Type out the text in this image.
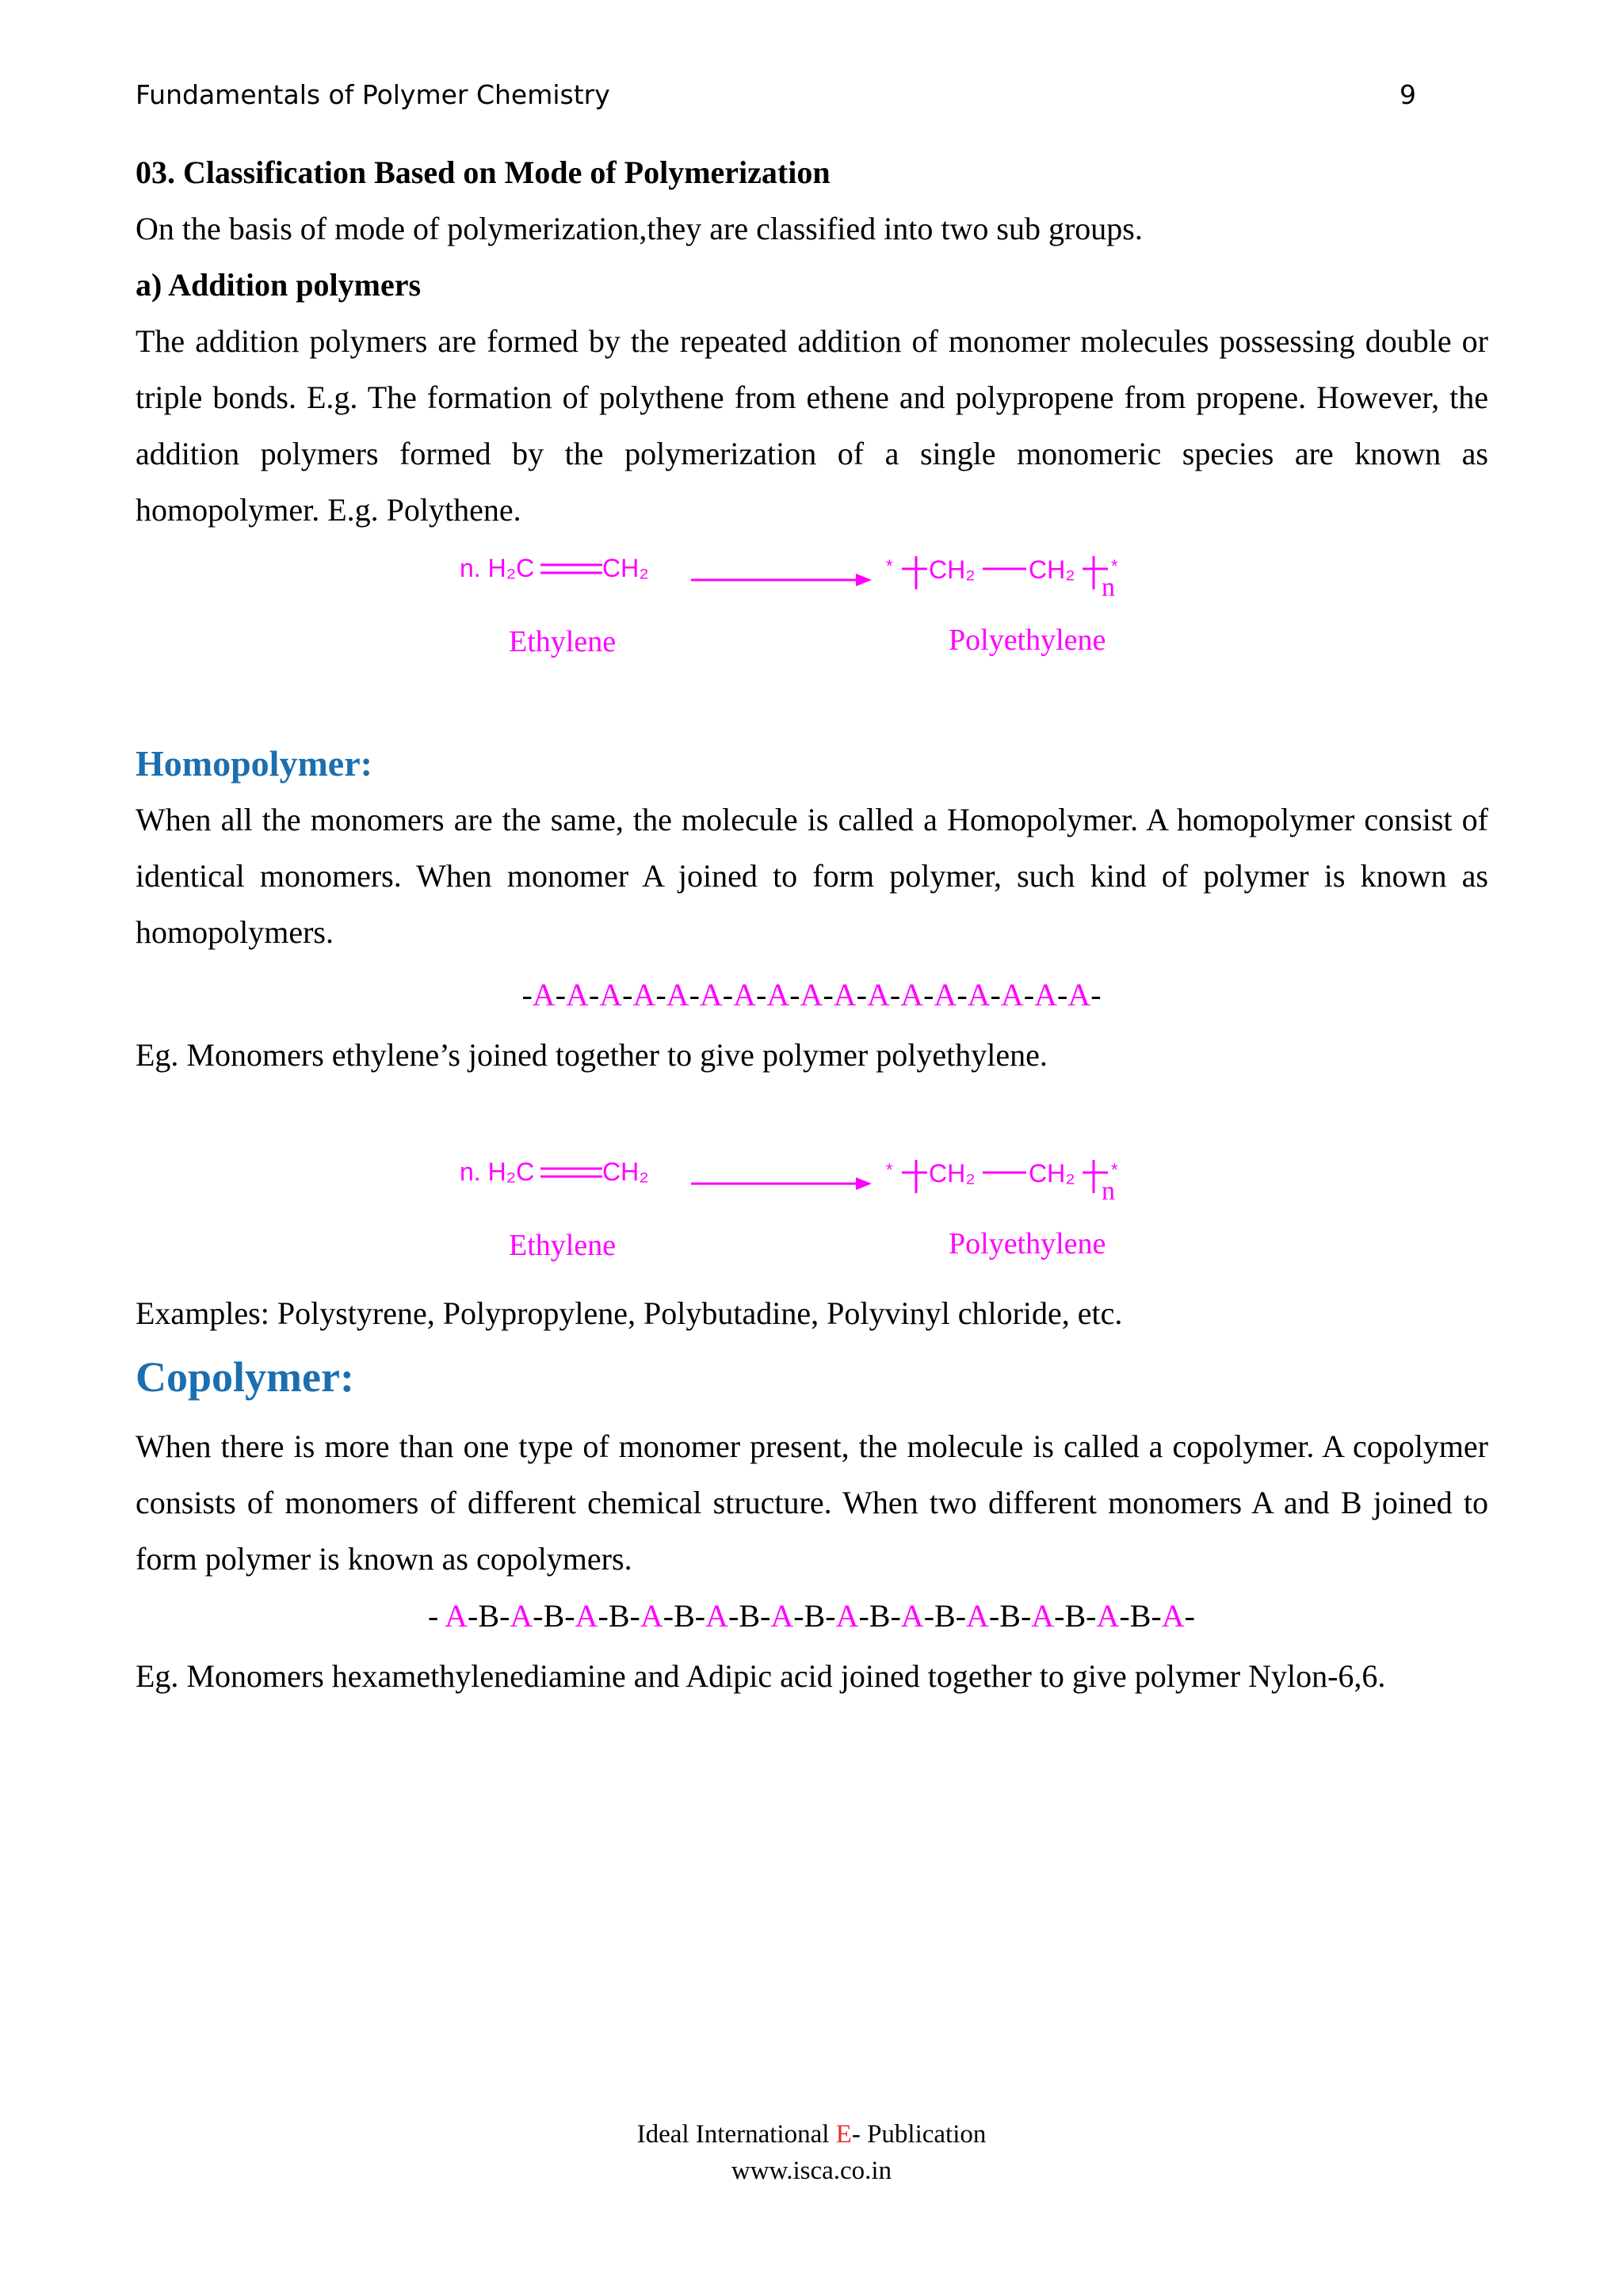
Fundamentals of Polymer Chemistry	9

03. Classification Based on Mode of Polymerization

On the basis of mode of polymerization,they are classified into two sub groups.

a) Addition polymers

The addition polymers are formed by the repeated addition of monomer molecules possessing double or triple bonds. E.g. The formation of polythene from ethene and polypropene from propene. However, the addition polymers formed by the polymerization of a single monomeric species are known as homopolymer. E.g. Polythene.

n. H₂C	CH₂	* CH₂ CH₂
n
*
Ethylene	Polyethylene

Homopolymer:

When all the monomers are the same, the molecule is called a Homopolymer. A homopolymer consist of identical monomers. When monomer A joined to form polymer, such kind of polymer is known as homopolymers.

-A-A-A-A-A-A-A-A-A-A-A-A-A-A-A-A-A-

Eg. Monomers ethylene’s joined together to give polymer polyethylene.

n. H₂C	CH₂	* CH₂ CH₂
n
*
Ethylene	Polyethylene

Examples: Polystyrene, Polypropylene, Polybutadine, Polyvinyl chloride, etc.

Copolymer:

When there is more than one type of monomer present, the molecule is called a copolymer. A copolymer consists of monomers of different chemical structure. When two different monomers A and B joined to form polymer is known as copolymers.

- A-B-A-B-A-B-A-B-A-B-A-B-A-B-A-B-A-B-A-B-A-B-A-

Eg. Monomers hexamethylenediamine and Adipic acid joined together to give polymer Nylon-6,6.

Ideal International E- Publication
www.isca.co.in
